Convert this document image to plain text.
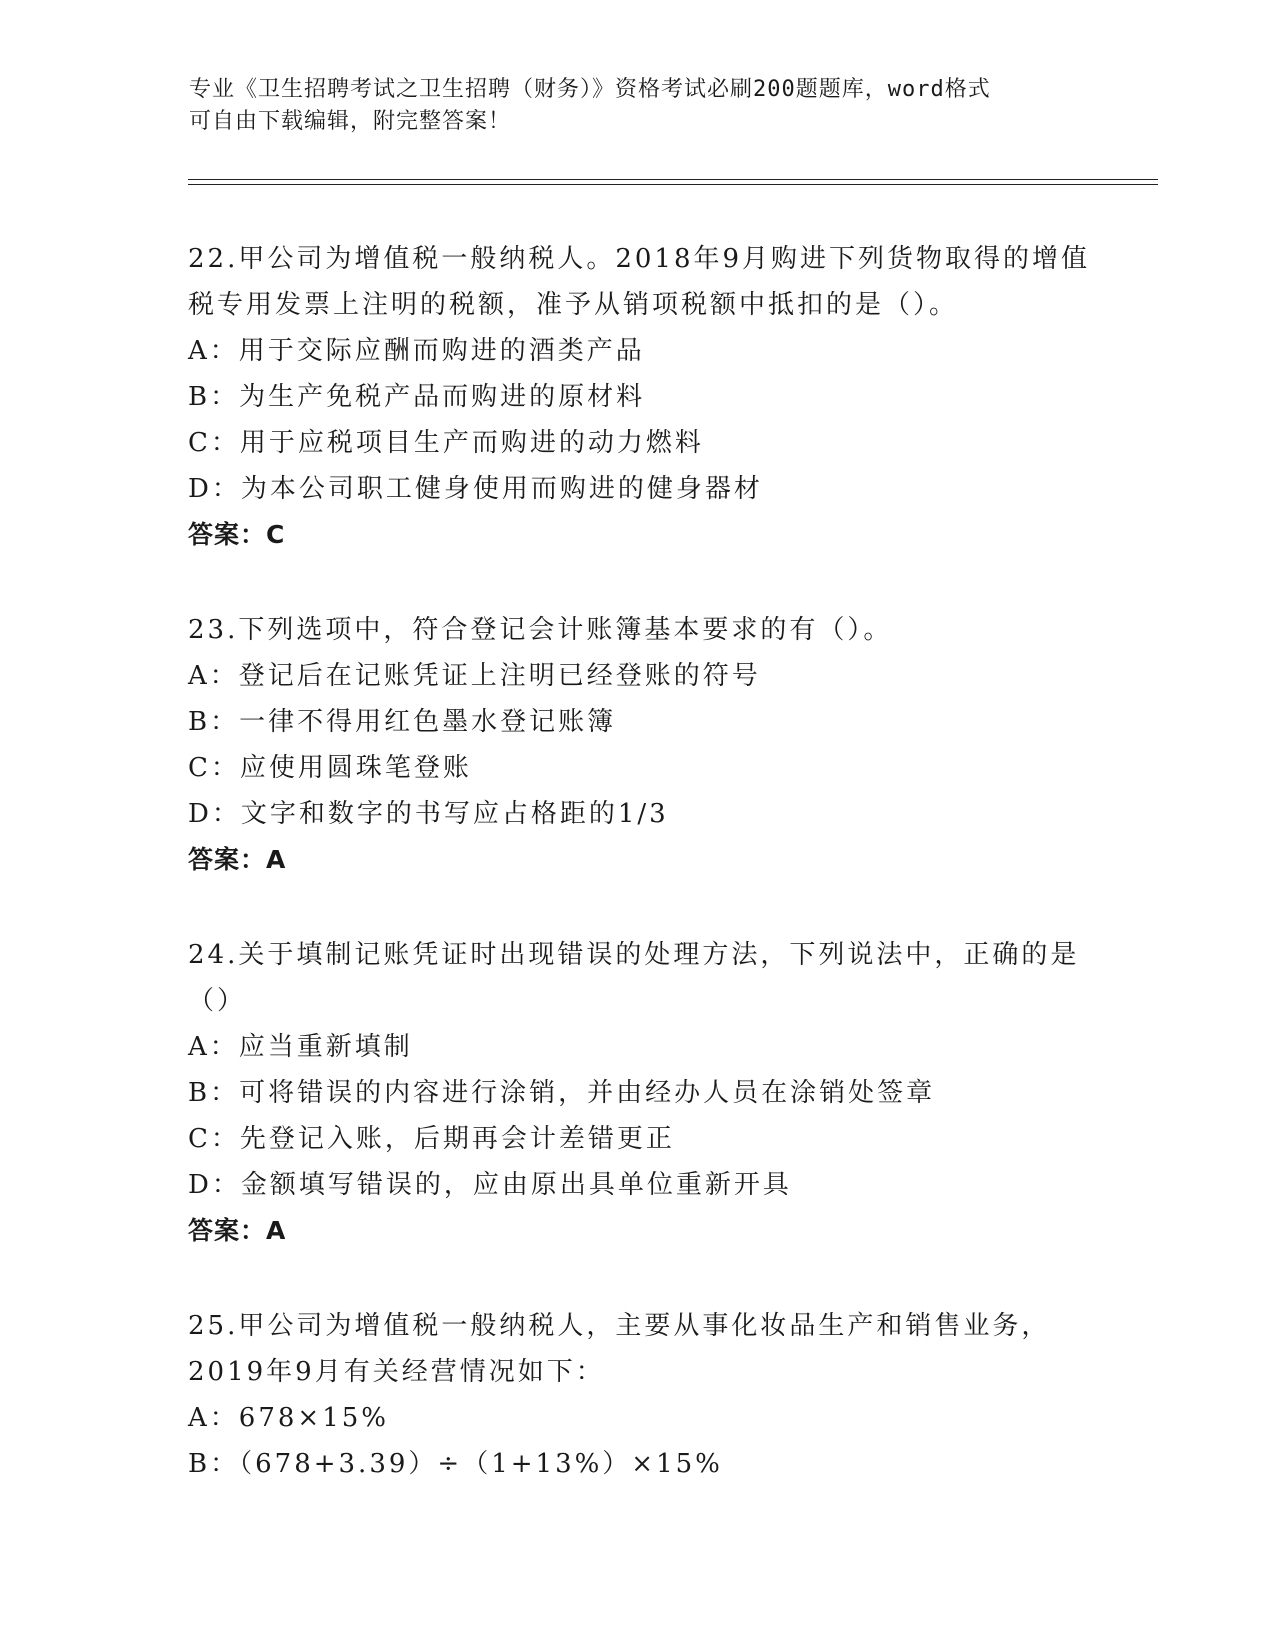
专业《卫生招聘考试之卫生招聘（财务）》资格考试必刷200题题库，word格式
可自由下载编辑，附完整答案！
22.甲公司为增值税一般纳税人。2018年9月购进下列货物取得的增值
税专用发票上注明的税额，准予从销项税额中抵扣的是（）。
A：用于交际应酬而购进的酒类产品
B：为生产免税产品而购进的原材料
C：用于应税项目生产而购进的动力燃料
D：为本公司职工健身使用而购进的健身器材
答案：C
23.下列选项中，符合登记会计账簿基本要求的有（）。
A：登记后在记账凭证上注明已经登账的符号
B：一律不得用红色墨水登记账簿
C：应使用圆珠笔登账
D：文字和数字的书写应占格距的1/3
答案：A
24.关于填制记账凭证时出现错误的处理方法，下列说法中，正确的是
（）
A：应当重新填制
B：可将错误的内容进行涂销，并由经办人员在涂销处签章
C：先登记入账，后期再会计差错更正
D：金额填写错误的，应由原出具单位重新开具
答案：A
25.甲公司为增值税一般纳税人，主要从事化妆品生产和销售业务，
2019年9月有关经营情况如下：
A：678×15%
B：（678+3.39）÷（1+13%）×15%
